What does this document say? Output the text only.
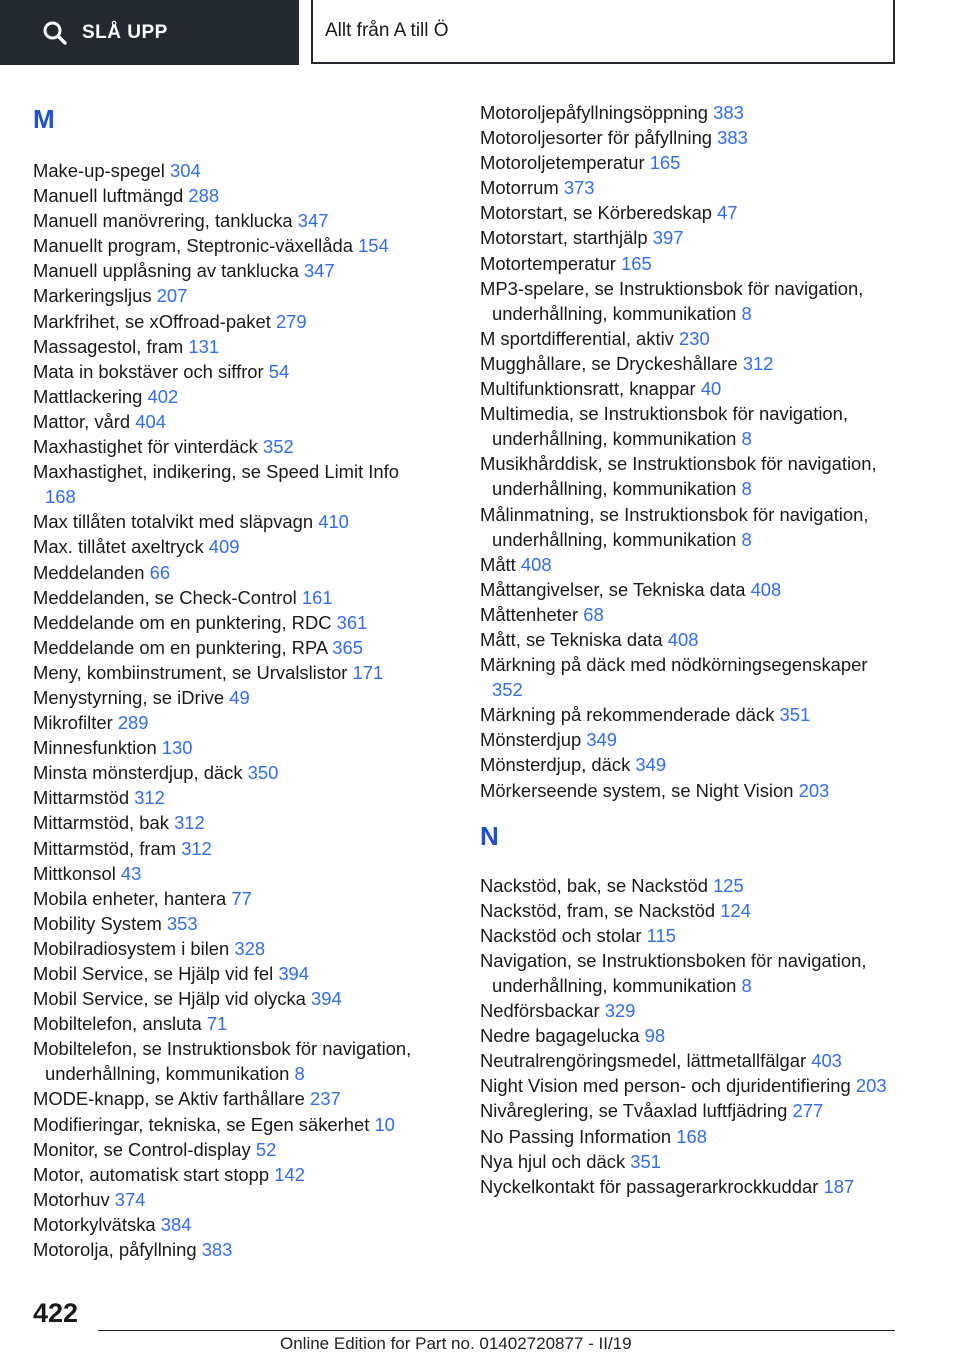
SLÅ UPP	Allt från A till Ö
M
Make-up-spegel 304
Manuell luftmängd 288
Manuell manövrering, tanklucka 347
Manuellt program, Steptronic-växellåda 154
Manuell upplåsning av tanklucka 347
Markeringsljus 207
Markfrihet, se xOffroad-paket 279
Massagestol, fram 131
Mata in bokstäver och siffror 54
Mattlackering 402
Mattor, vård 404
Maxhastighet för vinterdäck 352
Maxhastighet, indikering, se Speed Limit Info 168
Max tillåten totalvikt med släpvagn 410
Max. tillåtet axeltryck 409
Meddelanden 66
Meddelanden, se Check-Control 161
Meddelande om en punktering, RDC 361
Meddelande om en punktering, RPA 365
Meny, kombiinstrument, se Urvalslistor 171
Menystyrning, se iDrive 49
Mikrofilter 289
Minnesfunktion 130
Minsta mönsterdjup, däck 350
Mittarmstöd 312
Mittarmstöd, bak 312
Mittarmstöd, fram 312
Mittkonsol 43
Mobila enheter, hantera 77
Mobility System 353
Mobilradiosystem i bilen 328
Mobil Service, se Hjälp vid fel 394
Mobil Service, se Hjälp vid olycka 394
Mobiltelefon, ansluta 71
Mobiltelefon, se Instruktionsbok för navigation, underhållning, kommunikation 8
MODE-knapp, se Aktiv farthållare 237
Modifieringar, tekniska, se Egen säkerhet 10
Monitor, se Control-display 52
Motor, automatisk start stopp 142
Motorhuv 374
Motorkylvätska 384
Motorolja, påfyllning 383
Motoroljepåfyllningsöppning 383
Motoroljesorter för påfyllning 383
Motoroljetemperatur 165
Motorrum 373
Motorstart, se Körberedskap 47
Motorstart, starthjälp 397
Motortemperatur 165
MP3-spelare, se Instruktionsbok för navigation, underhållning, kommunikation 8
M sportdifferential, aktiv 230
Mugghållare, se Dryckeshållare 312
Multifunktionsratt, knappar 40
Multimedia, se Instruktionsbok för navigation, underhållning, kommunikation 8
Musikhårddisk, se Instruktionsbok för navigation, underhållning, kommunikation 8
Målinmatning, se Instruktionsbok för navigation, underhållning, kommunikation 8
Mått 408
Måttangivelser, se Tekniska data 408
Måttenheter 68
Mått, se Tekniska data 408
Märkning på däck med nödkörningsegenskaper 352
Märkning på rekommenderade däck 351
Mönsterdjup 349
Mönsterdjup, däck 349
Mörkerseende system, se Night Vision 203
N
Nackstöd, bak, se Nackstöd 125
Nackstöd, fram, se Nackstöd 124
Nackstöd och stolar 115
Navigation, se Instruktionsboken för navigation, underhållning, kommunikation 8
Nedförsbackar 329
Nedre bagagelucka 98
Neutralrengöringsmedel, lättmetallfälgar 403
Night Vision med person- och djuridentifiering 203
Nivåreglering, se Tvåaxlad luftfjädring 277
No Passing Information 168
Nya hjul och däck 351
Nyckelkontakt för passagerarkrockkuddar 187
422
Online Edition for Part no. 01402720877 - II/19
